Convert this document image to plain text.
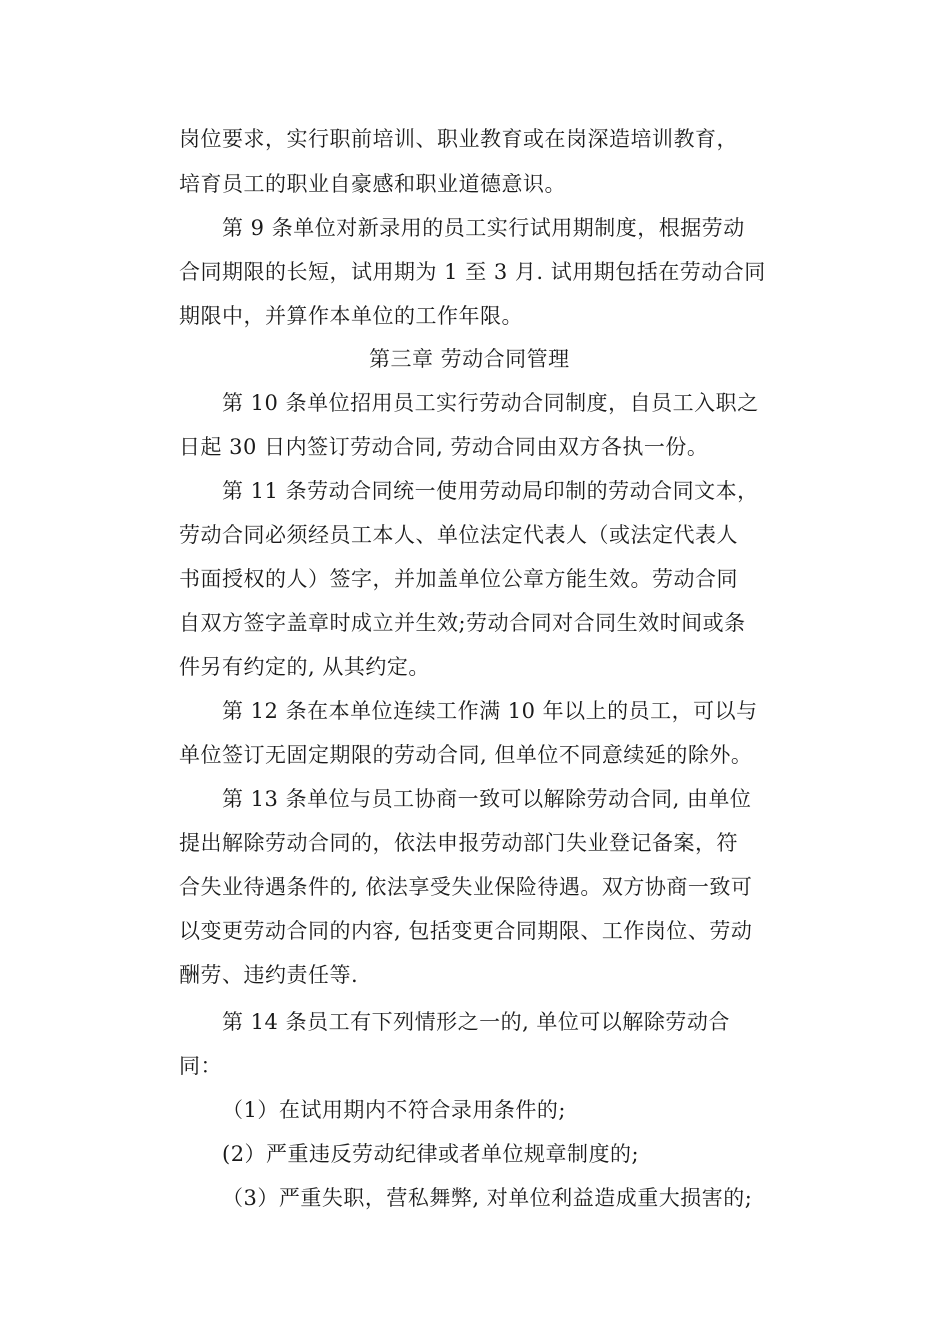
岗位要求，实行职前培训、职业教育或在岗深造培训教育，
培育员工的职业自豪感和职业道德意识。
第 9 条单位对新录用的员工实行试用期制度，根据劳动
合同期限的长短，试用期为 1 至 3 月. 试用期包括在劳动合同
期限中，并算作本单位的工作年限。
第三章 劳动合同管理
第 10 条单位招用员工实行劳动合同制度，自员工入职之
日起 30 日内签订劳动合同, 劳动合同由双方各执一份。
第 11 条劳动合同统一使用劳动局印制的劳动合同文本，
劳动合同必须经员工本人、单位法定代表人（或法定代表人
书面授权的人）签字，并加盖单位公章方能生效。劳动合同
自双方签字盖章时成立并生效;劳动合同对合同生效时间或条
件另有约定的, 从其约定。
第 12 条在本单位连续工作满 10 年以上的员工，可以与
单位签订无固定期限的劳动合同, 但单位不同意续延的除外。
第 13 条单位与员工协商一致可以解除劳动合同, 由单位
提出解除劳动合同的，依法申报劳动部门失业登记备案，符
合失业待遇条件的, 依法享受失业保险待遇。双方协商一致可
以变更劳动合同的内容, 包括变更合同期限、工作岗位、劳动
酬劳、违约责任等.
第 14 条员工有下列情形之一的, 单位可以解除劳动合
同：
（1）在试用期内不符合录用条件的;
(2）严重违反劳动纪律或者单位规章制度的;
（3）严重失职，营私舞弊, 对单位利益造成重大损害的;
